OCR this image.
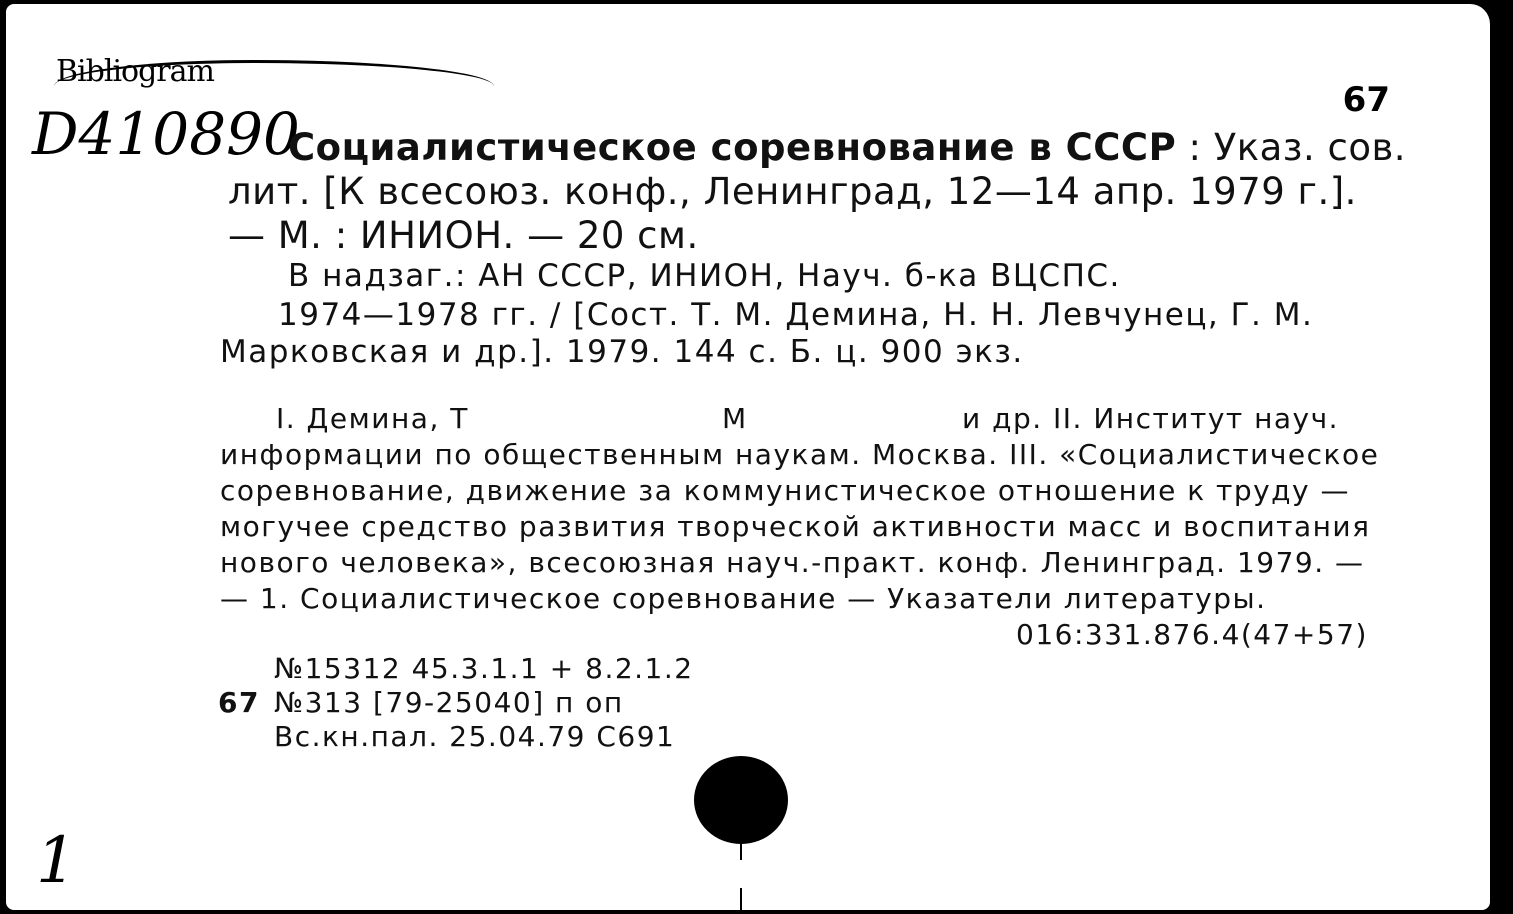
Bibliogram
D410890	67
Социалистическое соревнование в СССР : Указ. сов.
лит. [К всесоюз. конф., Ленинград, 12—14 апр. 1979 г.].
— М. : ИНИОН. — 20 см.
В надзаг.: АН СССР, ИНИОН, Науч. б-ка ВЦСПС.
1974—1978 гг. / [Сост. Т. М. Демина, Н. Н. Левчунец, Г. М.
Марковская и др.]. 1979. 144 с. Б. ц. 900 экз.
I. Демина, Т	М	и др. II. Институт науч.
информации по общественным наукам. Москва. III. «Социалистическое
соревнование, движение за коммунистическое отношение к труду —
могучее средство развития творческой активности масс и воспитания
нового человека», всесоюзная науч.-практ. конф. Ленинград. 1979. —
— 1. Социалистическое соревнование — Указатели литературы.
016:331.876.4(47+57)
№15312 45.3.1.1 + 8.2.1.2
67 №313 [79-25040] п оп
Вс.кн.пал. 25.04.79 С691
1
